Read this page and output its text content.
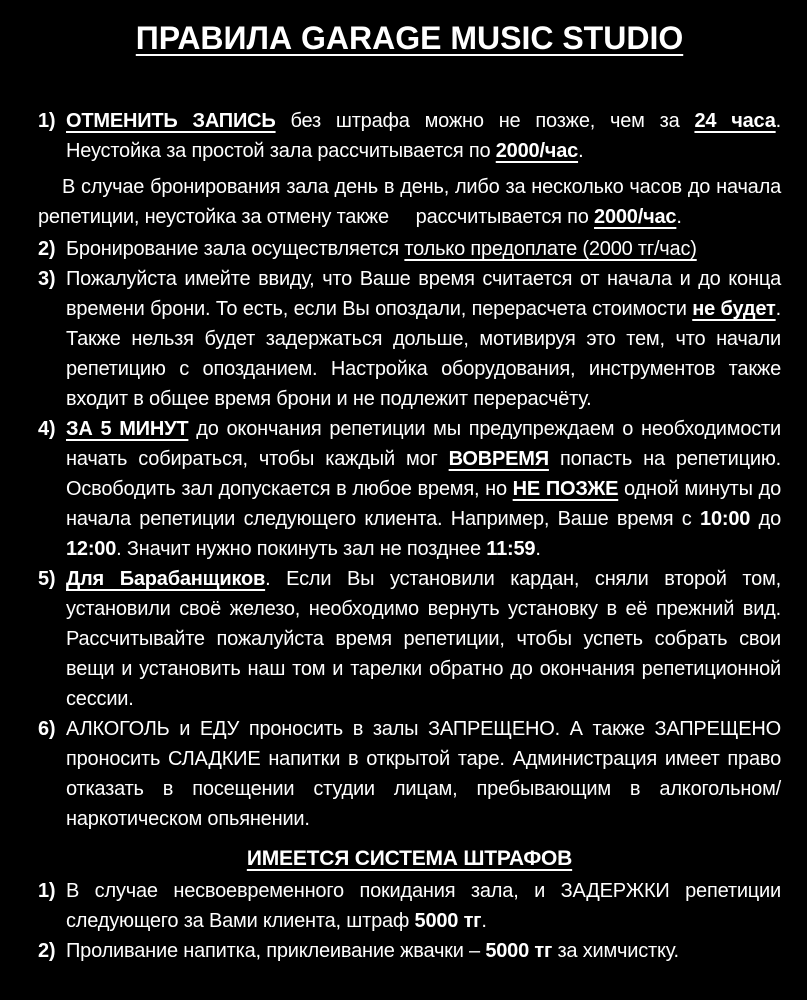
ПРАВИЛА GARAGE MUSIC STUDIO
1) ОТМЕНИТЬ ЗАПИСЬ без штрафа можно не позже, чем за 24 часа. Неустойка за простой зала рассчитывается по 2000/час.

В случае бронирования зала день в день, либо за несколько часов до начала репетиции, неустойка за отмену также     рассчитывается по 2000/час.

2) Бронирование зала осуществляется только предоплате (2000 тг/час)
3) Пожалуйста имейте ввиду, что Ваше время считается от начала и до конца времени брони. То есть, если Вы опоздали, перерасчета стоимости не будет. Также нельзя будет задержаться дольше, мотивируя это тем, что начали репетицию с опозданием. Настройка оборудования, инструментов также входит в общее время брони и не подлежит перерасчёту.
4) ЗА 5 МИНУТ до окончания репетиции мы предупреждаем о необходимости начать собираться, чтобы каждый мог ВОВРЕМЯ попасть на репетицию. Освободить зал допускается в любое время, но НЕ ПОЗЖЕ одной минуты до начала репетиции следующего клиента. Например, Ваше время с 10:00 до 12:00. Значит нужно покинуть зал не позднее 11:59.
5) Для Барабанщиков. Если Вы установили кардан, сняли второй том, установили своё железо, необходимо вернуть установку в её прежний вид. Рассчитывайте пожалуйста время репетиции, чтобы успеть собрать свои вещи и установить наш том и тарелки обратно до окончания репетиционной сессии.
6) АЛКОГОЛЬ и ЕДУ проносить в залы ЗАПРЕЩЕНО. А также ЗАПРЕЩЕНО проносить СЛАДКИЕ напитки в открытой таре. Администрация имеет право отказать в посещении студии лицам, пребывающим в алкогольном/наркотическом опьянении.
ИМЕЕТСЯ СИСТЕМА ШТРАФОВ
1) В случае несвоевременного покидания зала, и ЗАДЕРЖКИ репетиции следующего за Вами клиента, штраф 5000 тг.
2) Проливание напитка, приклеивание жвачки – 5000 тг за химчистку.
